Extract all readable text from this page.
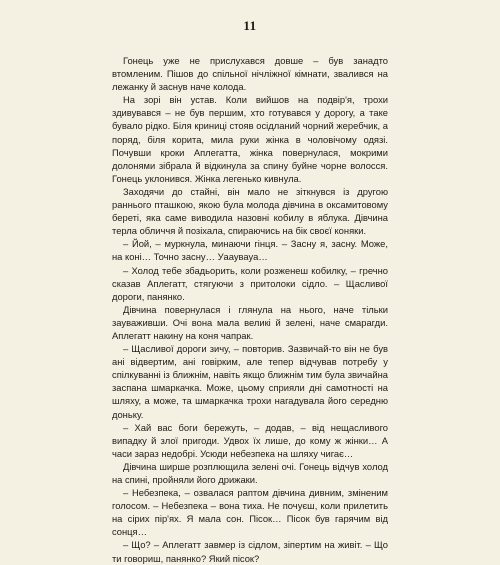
11

Гонець уже не прислухався довше – був занадто втомленим. Пішов до спільної нічліжної кімнати, звалився на лежанку й заснув наче колода.

На зорі він устав. Коли вийшов на подвір'я, трохи здивувався – не був першим, хто готувався у дорогу, а таке бувало рідко. Біля криниці стояв осідланий чорний жеребчик, а поряд, біля корита, мила руки жінка в чоловічому одязі. Почувши кроки Аплегатта, жінка повернулася, мокрими долонями зібрала й відкинула за спину буйне чорне волосся. Гонець уклонився. Жінка легенько кивнула.

Заходячи до стайні, він мало не зіткнувся із другою раннього пташкою, якою була молода дівчина в оксамитовому береті, яка саме виводила назовні кобилу в яблука. Дівчина терла обличчя й позіхала, спираючись на бік своєї коняки.

– Йой, – муркнула, минаючи гінця. – Засну я, засну. Може, на коні… Точно засну… Уааувауа…

– Холод тебе збадьорить, коли розженеш кобилку, – гречно сказав Аплегатт, стягуючи з притолоки сідло. – Щасливої дороги, панянко.

Дівчина повернулася і глянула на нього, наче тільки зауваживши. Очі вона мала великі й зелені, наче смарагди. Аплегатт накину на коня чапрак.

– Щасливої дороги зичу, – повторив. Зазвичай-то він не був ані відвертим, ані говірким, але тепер відчував потребу у спілкуванні із ближнім, навіть якщо ближнім тим була звичайна заспана шмаркачка. Може, цьому сприяли дні самотності на шляху, а може, та шмаркачка трохи нагадувала його середню доньку.

– Хай вас боги бережуть, – додав, – від нещасливого випадку й злої пригоди. Удвох їх лише, до кому ж жінки… А часи зараз недобрі. Усюди небезпека на шляху чигає…

Дівчина ширше розплющила зелені очі. Гонець відчув холод на спині, пройняли його дрижаки.

– Небезпека, – озвалася раптом дівчина дивним, зміненим голосом. – Небезпека – вона тиха. Не почуєш, коли прилетить на сірих пір'ях. Я мала сон. Пісок… Пісок був гарячим від сонця…

– Що? – Аплегатт завмер із сідлом, зіпертим на живіт. – Що ти говориш, панянко? Який пісок?
